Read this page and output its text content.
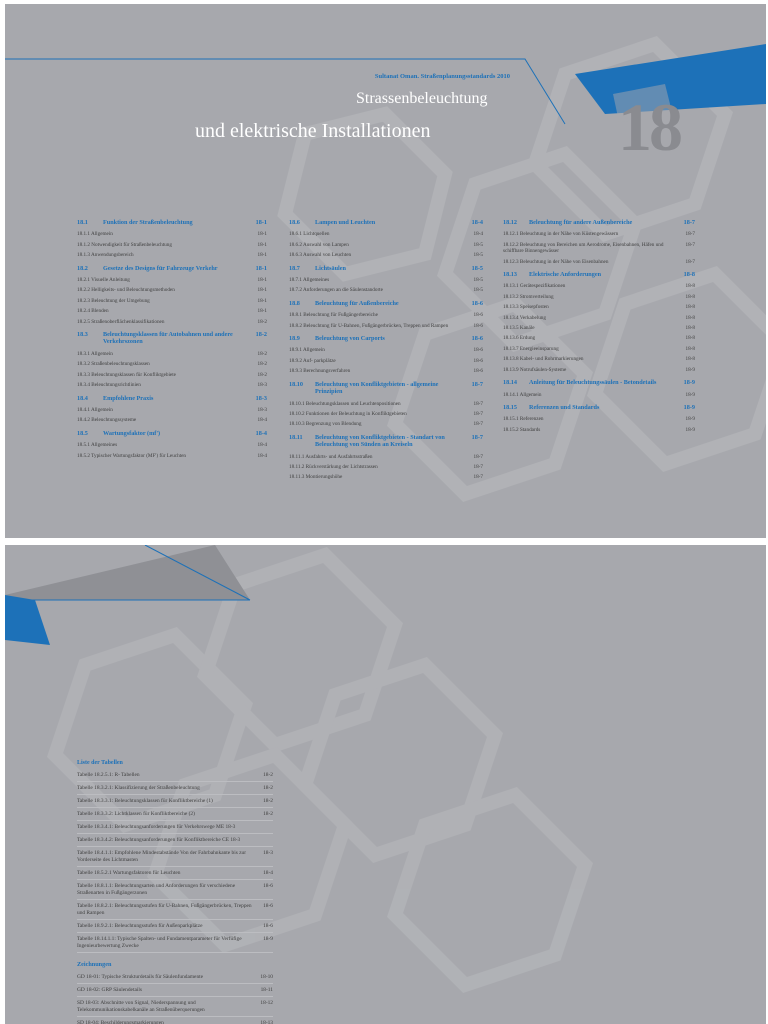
Sultanat Oman. Straßenplanungsstandards 2010
Strassenbeleuchtung
und elektrische Installationen	18
18.1	Funktion der Straßenbeleuchtung	18-1
18.1.1 Allgemein	18-1
18.1.2 Notwendigkeit für Straßenbeleuchtung	18-1
18.1.3 Anwendungsbereich	18-1
18.2	Gesetze des Designs für Fahrzeuge Verkehr	18-1
18.2.1 Visuelle Anleitung	18-1
18.2.2 Helligkeits- und Beleuchtungsmethoden	18-1
18.2.3 Beleuchtung der Umgebung	18-1
18.2.4 Blenden	18-1
18.2.5 Straßenoberflächenklassifikationen	18-2
18.3	Beleuchtungsklassen für Autobahnen und andere Verkehrszonen
18-2
18.3.1 Allgemein	18-2
18.3.2 Straßenbeleuchtungsklassen	18-2
18.3.3 Beleuchtungsklassen für Konfliktgebiete	18-2
18.3.4 Beleuchtungsrichtlinien	18-3
18.4	Empfohlene Praxis	18-3
18.4.1 Allgemein	18-3
18.4.2 Beleuchtungssysteme	18-4
18.5	Wartungsfaktor (mf')	18-4
18.5.1 Allgemeines	18-4
18.5.2 Typischer Wartungsfaktor (MF') für Leuchten	18-4
18.6	Lampen und Leuchten	18-4
18.6.1 Lichtquellen	18-4
18.6.2 Auswahl von Lampen	18-5
18.6.3 Auswahl von Leuchten	18-5
18.7	Lichtsäulen	18-5
18.7.1 Allgemeines	18-5
18.7.2 Anforderungen an die Säulenstandorte	18-5
18.8	Beleuchtung für Außenbereiche	18-6
18.8.1 Beleuchtung für Fußgängerbereiche	18-6
18.8.2 Beleuchtung für U-Bahnen, Fußgängerbrücken, Treppen und Rampen	18-6
18.9	Beleuchtung von Carports	18-6
18.9.1 Allgemein	18-6
18.9.2 Auf- parkplätze	18-6
18.9.3 Berechnungsverfahren	18-6
18.10	Beleuchtung von Konfliktgebieten - allgemeine Prinzipien
18-7
18.10.1 Beleuchtungsklassen und Leuchtenpositionen	18-7
18.10.2 Funktionen der Beleuchtung in Konfliktgebieten	18-7
18.10.3 Begrenzung von Blendung	18-7
18.11	Beleuchtung von Konfliktgebieten - Standart von Beleuchtung von Sünden an Kreiseln
18-7
18.11.1 Ausfahrts- und Ausfahrtsstraßen	18-7
18.11.2 Rückverstärkung der Lichtstrassen	18-7
18.11.3 Montierungshöhe	18-7
18.12	Beleuchtung für andere Außenbereiche	18-7
18.12.1 Beleuchtung in der Nähe von Küstengewässern	18-7
18.12.2 Beleuchtung von Bereichen um Aerodrome, Eisenbahnen, Häfen und schiffbare Binnengewässer
18-7
18.12.3 Beleuchtung in der Nähe von Eisenbahnen	18-7
18.13	Elektrische Anforderungen	18-8
18.13.1 Gerätespezifikationen	18-8
18.13.2 Stromverteilung	18-8
18.13.3 Speisepfosten	18-8
18.13.4 Verkabelung	18-8
18.13.5 Kanäle	18-8
18.13.6 Erdung	18-8
18.13.7 Energieeinsparung	18-8
18.13.8 Kabel- und Rohrmarkierungen	18-8
18.13.9 Notrufsäulen-Systeme	18-9
18.14	Anleitung für Beleuchtungssäulen - Betondetails	18-9
18.14.1 Allgemein	18-9
18.15	Referenzen und Standards	18-9
18.15.1 Referenzen	18-9
18.15.2 Standards	18-9
Liste der Tabellen
Tabelle 18.2.5.1: R- Tabellen	18-2
Tabelle 18.3.2.1: Klassifizierung der Straßenbeleuchtung	18-2
Tabelle 18.3.3.1: Beleuchtungsklassen für Konfliktbereiche (1)	18-2
Tabelle 18.3.3.2: Lichtklassen für Konfliktbereiche (2)	18-2
Tabelle 18.3.4.1: Beleuchtungsanforderungen für Verkehrswege ME 18-3
Tabelle 18.3.4.2: Beleuchtungsanforderungen für Konfliktbereiche CE 18-3
Tabelle 18.4.1.1: Empfohlene Mindestabstände Von der Fahrbahnkante bis zur Vorderseite des Lichtmasten
18-3
Tabelle 18.5.2.1 Wartungsfaktoren für Leuchten	18-4
Tabelle 18.8.1.1: Beleuchtungsarten und Anforderungen für verschiedene Straßenarten in Fußgängerzonen
18-6
Tabelle 18.8.2.1: Beleuchtungsstufen für U-Bahnen, Fußgängerbrücken, Treppen und Rampen
18-6
Tabelle 18.9.2.1: Beleuchtungsstufen für Außenparkplätze	18-6
Tabelle 18.14.1.1: Typische Spalten- und Fundamentparameter für Verfüfige Ingenieurbewertung Zwecke
18-9
Zeichnungen
GD 18-01: Typische Strukturdetails für Säulenfundamente	18-10
GD 18-02: GRP Säulendetails	18-11
SD 18-03: Abschnitte von Signal, Niederspannung und Telekommunikationskabelkanäle an Straßenüberquerungen
18-12
SD 18-04: Beschilderungsmarkierungen	18-13
